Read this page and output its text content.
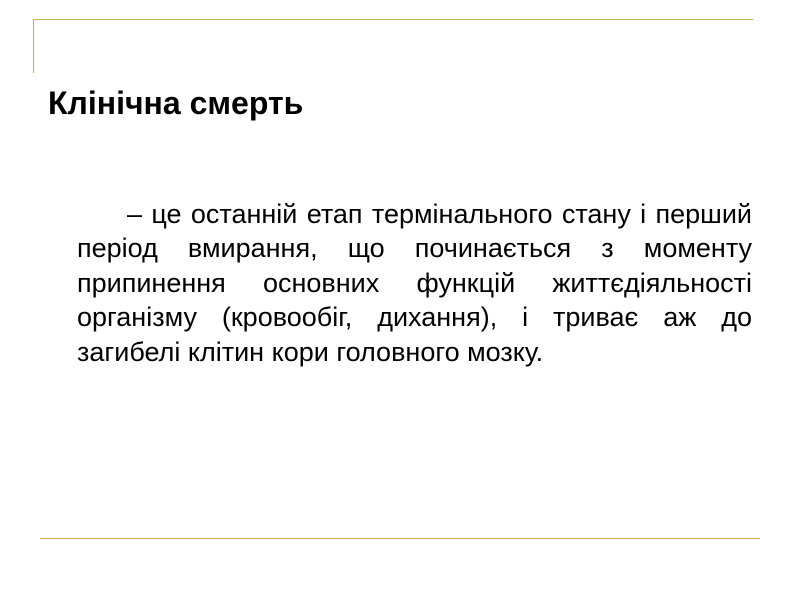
Клінічна смерть

– це останній етап термінального стану і перший період вмирання, що починається з моменту припинення основних функцій життєдіяльності організму (кровообіг, дихання), і триває аж до загибелі клітин кори головного мозку.
